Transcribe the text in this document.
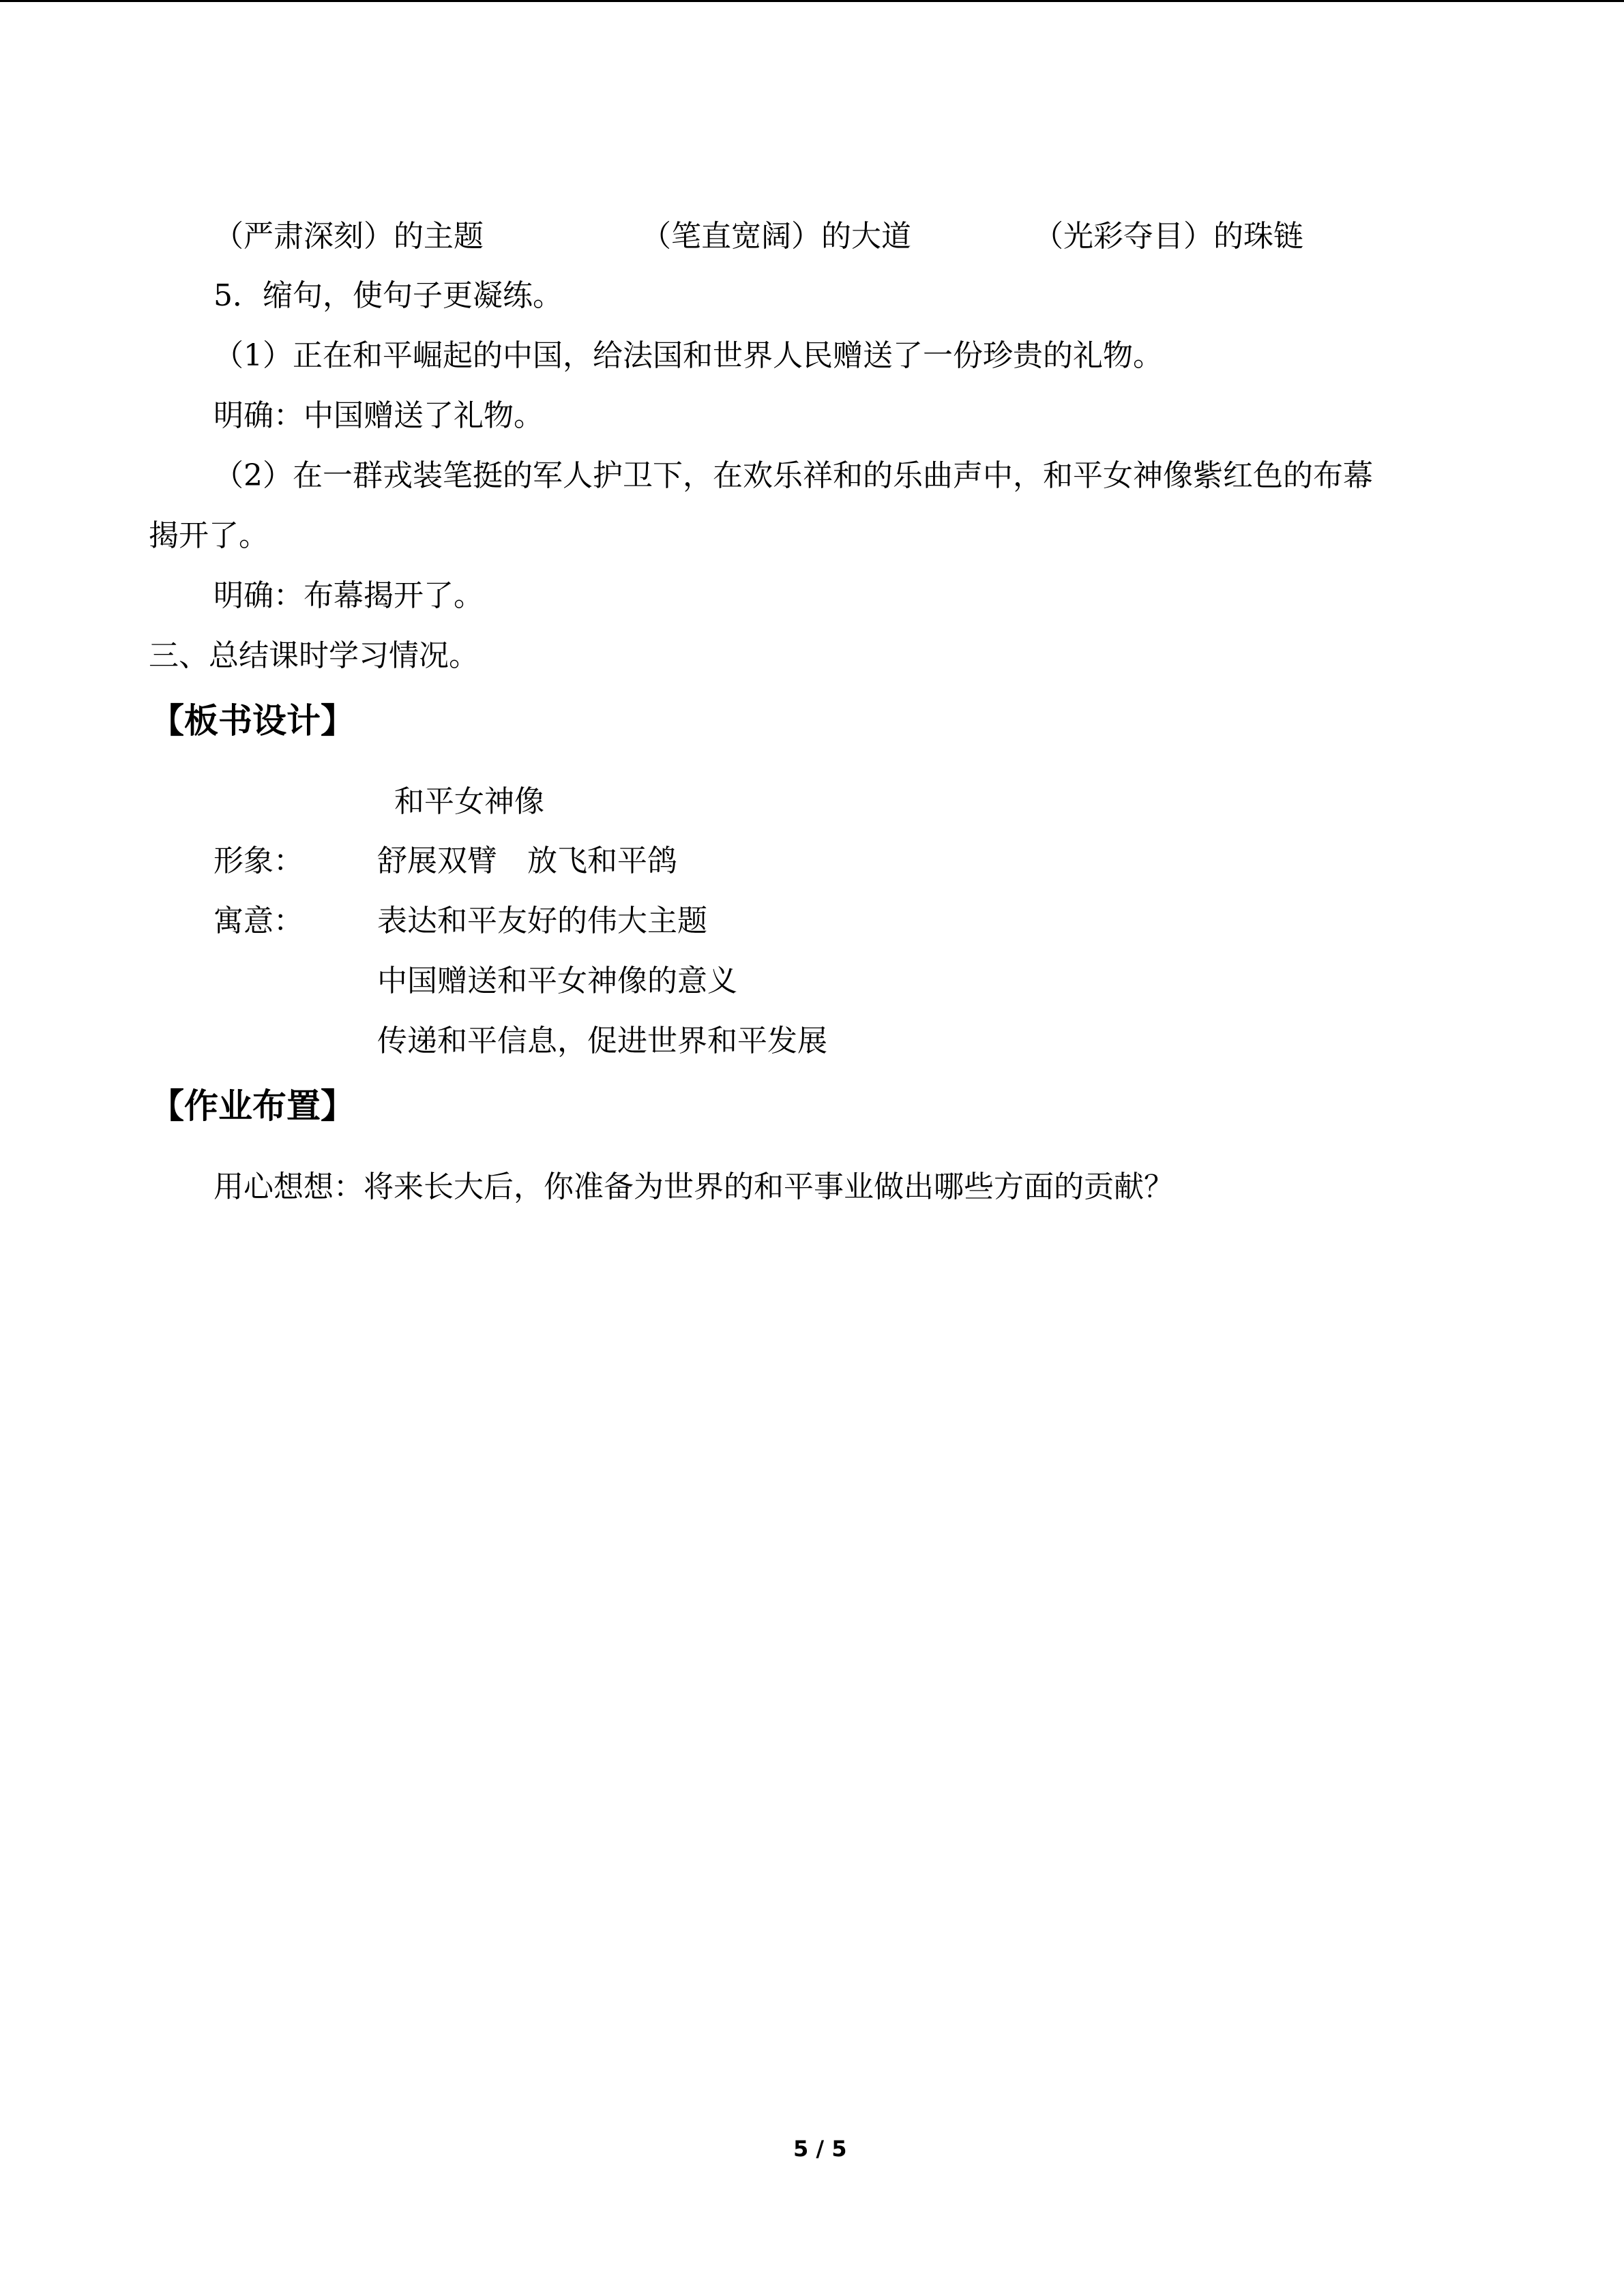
（严肃深刻）的主题	（笔直宽阔）的大道	（光彩夺目）的珠链
5．缩句，使句子更凝练。
（1）正在和平崛起的中国，给法国和世界人民赠送了一份珍贵的礼物。
明确：中国赠送了礼物。
（2）在一群戎装笔挺的军人护卫下，在欢乐祥和的乐曲声中，和平女神像紫红色的布幕
揭开了。
明确：布幕揭开了。
三、总结课时学习情况。
【板书设计】
和平女神像
形象： 舒展双臂　放飞和平鸽
寓意： 表达和平友好的伟大主题
中国赠送和平女神像的意义
传递和平信息，促进世界和平发展
【作业布置】
用心想想：将来长大后，你准备为世界的和平事业做出哪些方面的贡献？
5 / 5
